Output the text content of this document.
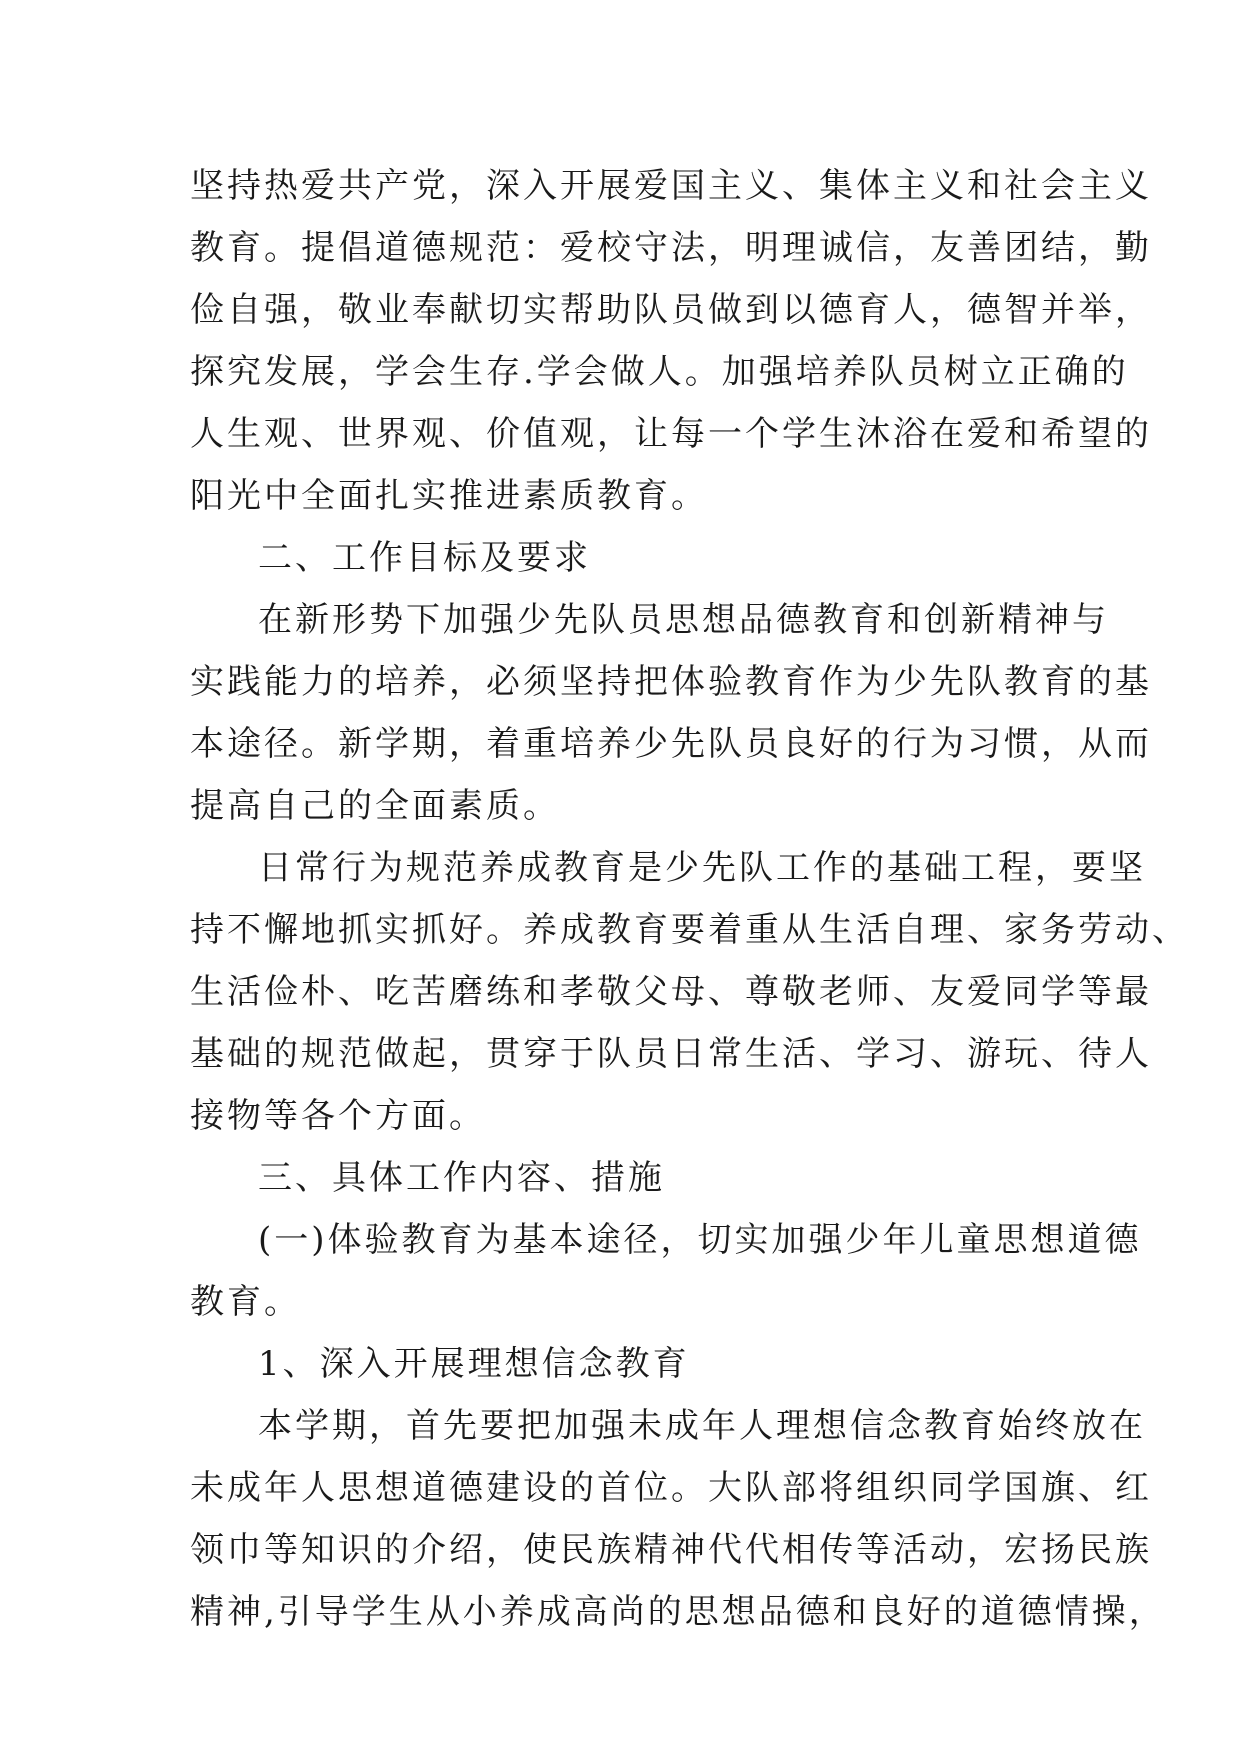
坚持热爱共产党，深入开展爱国主义、集体主义和社会主义
教育。提倡道德规范：爱校守法，明理诚信，友善团结，勤
俭自强，敬业奉献切实帮助队员做到以德育人，德智并举，
探究发展，学会生存.学会做人。加强培养队员树立正确的
人生观、世界观、价值观，让每一个学生沐浴在爱和希望的
阳光中全面扎实推进素质教育。
二、工作目标及要求
在新形势下加强少先队员思想品德教育和创新精神与
实践能力的培养，必须坚持把体验教育作为少先队教育的基
本途径。新学期，着重培养少先队员良好的行为习惯，从而
提高自己的全面素质。
日常行为规范养成教育是少先队工作的基础工程，要坚
持不懈地抓实抓好。养成教育要着重从生活自理、家务劳动、
生活俭朴、吃苦磨练和孝敬父母、尊敬老师、友爱同学等最
基础的规范做起，贯穿于队员日常生活、学习、游玩、待人
接物等各个方面。
三、具体工作内容、措施
(一)体验教育为基本途径，切实加强少年儿童思想道德
教育。
1、深入开展理想信念教育
本学期，首先要把加强未成年人理想信念教育始终放在
未成年人思想道德建设的首位。大队部将组织同学国旗、红
领巾等知识的介绍，使民族精神代代相传等活动，宏扬民族
精神,引导学生从小养成高尚的思想品德和良好的道德情操，
